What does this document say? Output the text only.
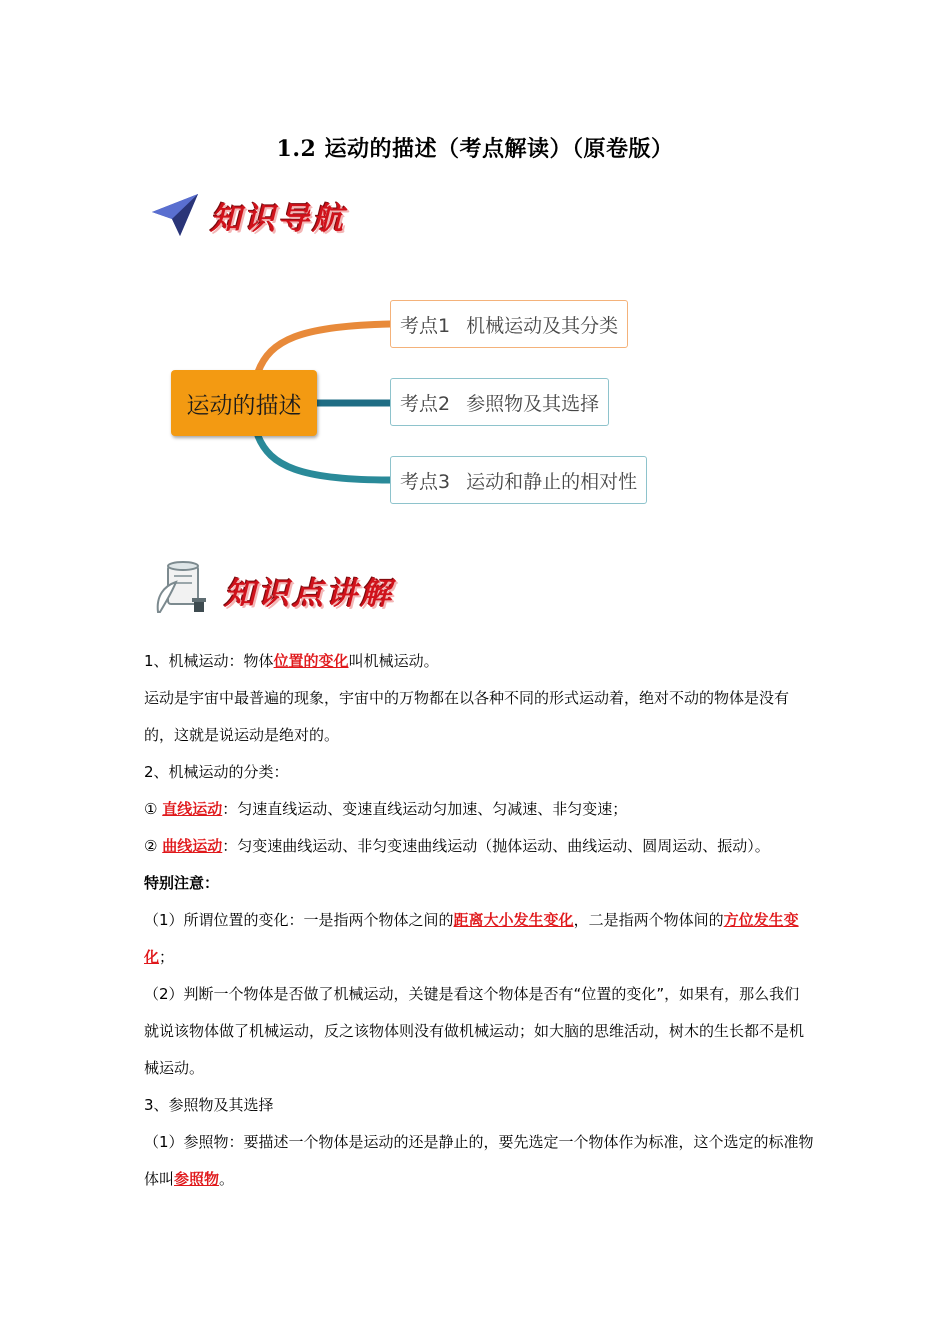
1.2 运动的描述（考点解读）（原卷版）
知识导航
运动的描述
考点1 机械运动及其分类
考点2 参照物及其选择
考点3 运动和静止的相对性
知识点讲解

1、机械运动：物体位置的变化叫机械运动。

运动是宇宙中最普遍的现象，宇宙中的万物都在以各种不同的形式运动着，绝对不动的物体是没有的，这就是说运动是绝对的。

2、机械运动的分类：

① 直线运动：匀速直线运动、变速直线运动匀加速、匀减速、非匀变速；

② 曲线运动：匀变速曲线运动、非匀变速曲线运动（抛体运动、曲线运动、圆周运动、振动）。

特别注意：

（1）所谓位置的变化：一是指两个物体之间的距离大小发生变化，二是指两个物体间的方位发生变化；

（2）判断一个物体是否做了机械运动，关键是看这个物体是否有“位置的变化”，如果有，那么我们就说该物体做了机械运动，反之该物体则没有做机械运动；如大脑的思维活动，树木的生长都不是机械运动。

3、参照物及其选择

（1）参照物：要描述一个物体是运动的还是静止的，要先选定一个物体作为标准，这个选定的标准物体叫参照物。
